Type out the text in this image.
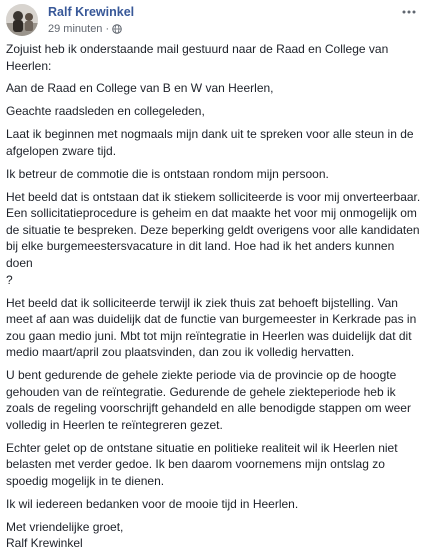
Ralf Krewinkel
29 minuten ·

Zojuist heb ik onderstaande mail gestuurd naar de Raad en College van
Heerlen:

Aan de Raad en College van B en W van Heerlen,

Geachte raadsleden en collegeleden,

Laat ik beginnen met nogmaals mijn dank uit te spreken voor alle steun in de
afgelopen zware tijd.

Ik betreur de commotie die is ontstaan rondom mijn persoon.

Het beeld dat is ontstaan dat ik stiekem solliciteerde is voor mij onverteerbaar.
Een sollicitatieprocedure is geheim en dat maakte het voor mij onmogelijk om
de situatie te bespreken. Deze beperking geldt overigens voor alle kandidaten
bij elke burgemeestersvacature in dit land. Hoe had ik het anders kunnen doen
?

Het beeld dat ik solliciteerde terwijl ik ziek thuis zat behoeft bijstelling. Van
meet af aan was duidelijk dat de functie van burgemeester in Kerkrade pas in
zou gaan medio juni. Mbt tot mijn reïntegratie in Heerlen was duidelijk dat dit
medio maart/april zou plaatsvinden, dan zou ik volledig hervatten.

U bent gedurende de gehele ziekte periode via de provincie op de hoogte
gehouden van de reïntegratie. Gedurende de gehele ziekteperiode heb ik
zoals de regeling voorschrijft gehandeld en alle benodigde stappen om weer
volledig in Heerlen te reïntegreren gezet.

Echter gelet op de ontstane situatie en politieke realiteit wil ik Heerlen niet
belasten met verder gedoe. Ik ben daarom voornemens mijn ontslag zo
spoedig mogelijk in te dienen.

Ik wil iedereen bedanken voor de mooie tijd in Heerlen.

Met vriendelijke groet,

Ralf Krewinkel
